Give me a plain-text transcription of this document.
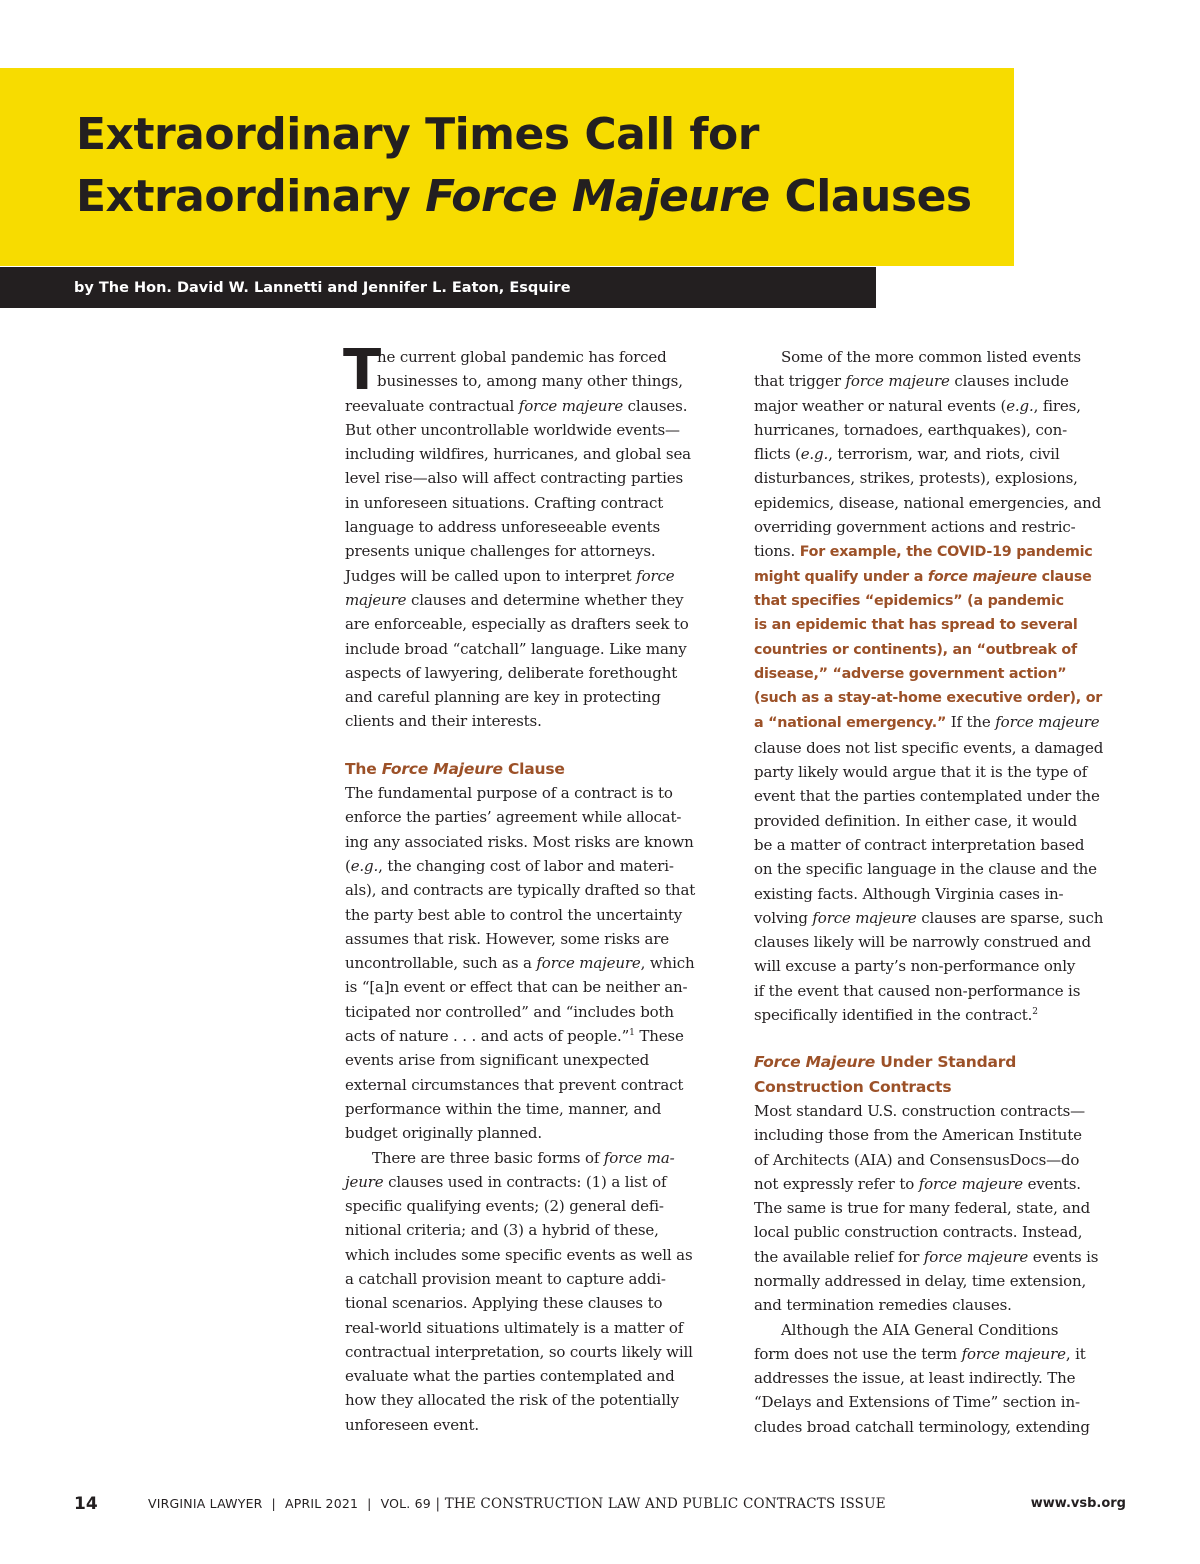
Extraordinary Times Call for
Extraordinary Force Majeure Clauses

by The Hon. David W. Lannetti and Jennifer L. Eaton, Esquire

T

he current global pandemic has forced
businesses to, among many other things,
reevaluate contractual force majeure clauses.
But other uncontrollable worldwide events—
including wildfires, hurricanes, and global sea
level rise—also will affect contracting parties
in unforeseen situations. Crafting contract
language to address unforeseeable events
presents unique challenges for attorneys.
Judges will be called upon to interpret force
majeure clauses and determine whether they
are enforceable, especially as drafters seek to
include broad “catchall” language. Like many
aspects of lawyering, deliberate forethought
and careful planning are key in protecting
clients and their interests.

The Force Majeure Clause

The fundamental purpose of a contract is to
enforce the parties’ agreement while allocat-
ing any associated risks. Most risks are known
(e.g., the changing cost of labor and materi-
als), and contracts are typically drafted so that
the party best able to control the uncertainty
assumes that risk. However, some risks are
uncontrollable, such as a force majeure, which
is “[a]n event or effect that can be neither an-
ticipated nor controlled” and “includes both
acts of nature . . . and acts of people.”$^1$ These
events arise from significant unexpected
external circumstances that prevent contract
performance within the time, manner, and
budget originally planned.

There are three basic forms of force ma-
jeure clauses used in contracts: (1) a list of
specific qualifying events; (2) general defi-
nitional criteria; and (3) a hybrid of these,
which includes some specific events as well as
a catchall provision meant to capture addi-
tional scenarios. Applying these clauses to
real-world situations ultimately is a matter of
contractual interpretation, so courts likely will
evaluate what the parties contemplated and
how they allocated the risk of the potentially
unforeseen event.

Some of the more common listed events
that trigger force majeure clauses include
major weather or natural events (e.g., fires,
hurricanes, tornadoes, earthquakes), con-
flicts (e.g., terrorism, war, and riots, civil
disturbances, strikes, protests), explosions,
epidemics, disease, national emergencies, and
overriding government actions and restric-
tions. For example, the COVID-19 pandemic
might qualify under a force majeure clause
that specifies “epidemics” (a pandemic
is an epidemic that has spread to several
countries or continents), an “outbreak of
disease,” “adverse government action”
(such as a stay-at-home executive order), or
a “national emergency.” If the force majeure
clause does not list specific events, a damaged
party likely would argue that it is the type of
event that the parties contemplated under the
provided definition. In either case, it would
be a matter of contract interpretation based
on the specific language in the clause and the
existing facts. Although Virginia cases in-
volving force majeure clauses are sparse, such
clauses likely will be narrowly construed and
will excuse a party’s non-performance only
if the event that caused non-performance is
specifically identified in the contract.$^2$

Force Majeure Under Standard
Construction Contracts

Most standard U.S. construction contracts—
including those from the American Institute
of Architects (AIA) and ConsensusDocs—do
not expressly refer to force majeure events.
The same is true for many federal, state, and
local public construction contracts. Instead,
the available relief for force majeure events is
normally addressed in delay, time extension,
and termination remedies clauses.

Although the AIA General Conditions
form does not use the term force majeure, it
addresses the issue, at least indirectly. The
“Delays and Extensions of Time” section in-
cludes broad catchall terminology, extending

14	VIRGINIA LAWYER | APRIL 2021 | VOL. 69 | THE CONSTRUCTION LAW AND PUBLIC CONTRACTS ISSUE	www.vsb.org
